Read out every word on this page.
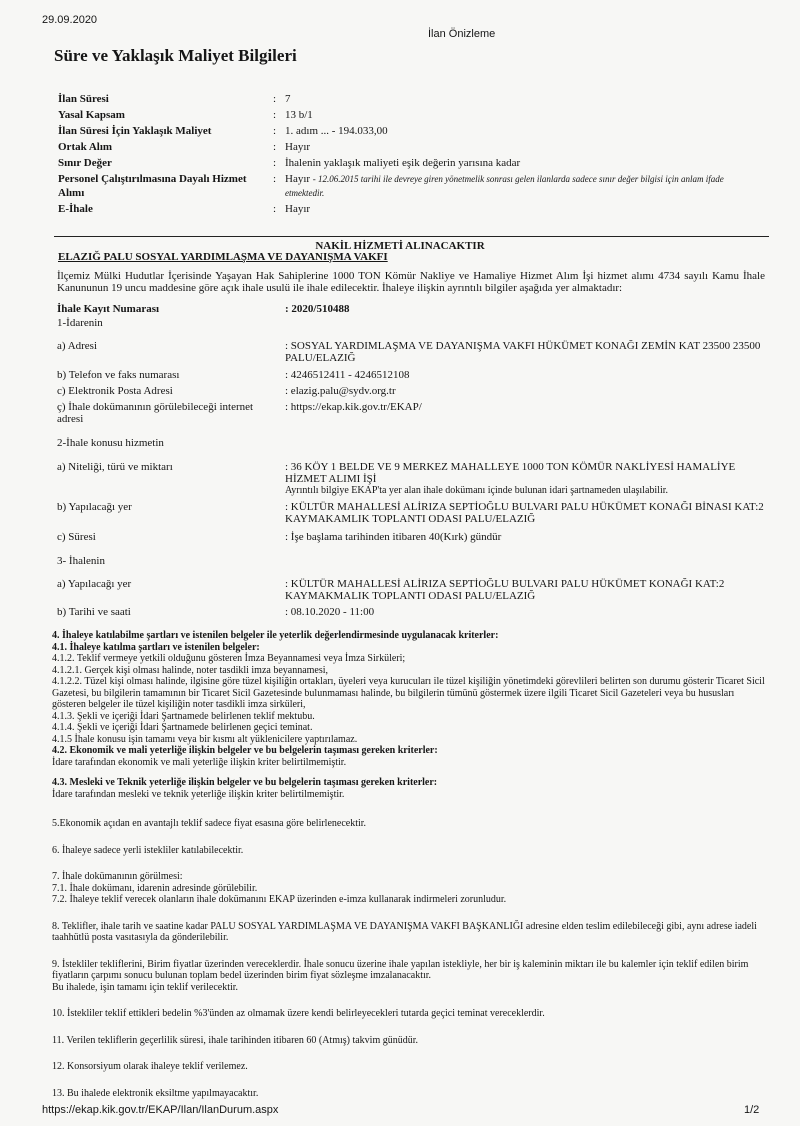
29.09.2020
İlan Önizleme
Süre ve Yaklaşık Maliyet Bilgileri
İlan Süresi	: 7
Yasal Kapsam	: 13 b/1
İlan Süresi İçin Yaklaşık Maliyet	: 1. adım ... - 194.033,00
Ortak Alım	: Hayır
Sınır Değer	: İhalenin yaklaşık maliyeti eşik değerin yarısına kadar
Personel Çalıştırılmasına Dayalı Hizmet Alımı
: Hayır - 12.06.2015 tarihi ile devreye giren yönetmelik sonrası gelen ilanlarda sadece sınır değer bilgisi için anlam ifade etmektedir.
E-İhale	: Hayır
NAKİL HİZMETİ ALINACAKTIR
ELAZIĞ PALU SOSYAL YARDIMLAŞMA VE DAYANIŞMA VAKFI
İlçemiz Mülki Hudutlar İçerisinde Yaşayan Hak Sahiplerine 1000 TON Kömür Nakliye ve Hamaliye Hizmet Alım İşi hizmet alımı 4734 sayılı Kamu İhale Kanununun 19 uncu maddesine göre açık ihale usulü ile ihale edilecektir. İhaleye ilişkin ayrıntılı bilgiler aşağıda yer almaktadır:
İhale Kayıt Numarası	: 2020/510488
1-İdarenin
a) Adresi	: SOSYAL YARDIMLAŞMA VE DAYANIŞMA VAKFI HÜKÜMET KONAĞI ZEMİN KAT 23500 23500 PALU/ELAZIĞ
b) Telefon ve faks numarası	: 4246512411 - 4246512108
c) Elektronik Posta Adresi	: elazig.palu@sydv.org.tr
ç) İhale dokümanının görülebileceği internet adresi
: https://ekap.kik.gov.tr/EKAP/
2-İhale konusu hizmetin
a) Niteliği, türü ve miktarı	: 36 KÖY 1 BELDE VE 9 MERKEZ MAHALLEYE 1000 TON KÖMÜR NAKLİYESİ HAMALİYE HİZMET ALIMI İŞİ
Ayrıntılı bilgiye EKAP'ta yer alan ihale dokümanı içinde bulunan idari şartnameden ulaşılabilir.
b) Yapılacağı yer	: KÜLTÜR MAHALLESİ ALİRIZA SEPTİOĞLU BULVARI PALU HÜKÜMET KONAĞI BİNASI KAT:2 KAYMAKAMLIK TOPLANTI ODASI PALU/ELAZIĞ
c) Süresi	: İşe başlama tarihinden itibaren 40(Kırk) gündür
3- İhalenin
a) Yapılacağı yer	: KÜLTÜR MAHALLESİ ALİRIZA SEPTİOĞLU BULVARI PALU HÜKÜMET KONAĞI KAT:2 KAYMAKMALIK TOPLANTI ODASI PALU/ELAZIĞ
b) Tarihi ve saati	: 08.10.2020 - 11:00

4. İhaleye katılabilme şartları ve istenilen belgeler ile yeterlik değerlendirmesinde uygulanacak kriterler:

4.1. İhaleye katılma şartları ve istenilen belgeler:

4.1.2. Teklif vermeye yetkili olduğunu gösteren İmza Beyannamesi veya İmza Sirküleri;

4.1.2.1. Gerçek kişi olması halinde, noter tasdikli imza beyannamesi,

4.1.2.2. Tüzel kişi olması halinde, ilgisine göre tüzel kişiliğin ortakları, üyeleri veya kurucuları ile tüzel kişiliğin yönetimdeki görevlileri belirten son durumu gösterir Ticaret Sicil Gazetesi, bu bilgilerin tamamının bir Ticaret Sicil Gazetesinde bulunmaması halinde, bu bilgilerin tümünü göstermek üzere ilgili Ticaret Sicil Gazeteleri veya bu hususları gösteren belgeler ile tüzel kişiliğin noter tasdikli imza sirküleri,

4.1.3. Şekli ve içeriği İdari Şartnamede belirlenen teklif mektubu.

4.1.4. Şekli ve içeriği İdari Şartnamede belirlenen geçici teminat.

4.1.5 İhale konusu işin tamamı veya bir kısmı alt yüklenicilere yaptırılamaz.

4.2. Ekonomik ve mali yeterliğe ilişkin belgeler ve bu belgelerin taşıması gereken kriterler:

İdare tarafından ekonomik ve mali yeterliğe ilişkin kriter belirtilmemiştir.

4.3. Mesleki ve Teknik yeterliğe ilişkin belgeler ve bu belgelerin taşıması gereken kriterler:

İdare tarafından mesleki ve teknik yeterliğe ilişkin kriter belirtilmemiştir.

5.Ekonomik açıdan en avantajlı teklif sadece fiyat esasına göre belirlenecektir.

6. İhaleye sadece yerli istekliler katılabilecektir.

7. İhale dokümanının görülmesi:

7.1. İhale dokümanı, idarenin adresinde görülebilir.

7.2. İhaleye teklif verecek olanların ihale dokümanını EKAP üzerinden e-imza kullanarak indirmeleri zorunludur.

8. Teklifler, ihale tarih ve saatine kadar PALU SOSYAL YARDIMLAŞMA VE DAYANIŞMA VAKFI BAŞKANLIĞI adresine elden teslim edilebileceği gibi, aynı adrese iadeli taahhütlü posta vasıtasıyla da gönderilebilir.

9. İstekliler tekliflerini, Birim fiyatlar üzerinden vereceklerdir. İhale sonucu üzerine ihale yapılan istekliyle, her bir iş kaleminin miktarı ile bu kalemler için teklif edilen birim fiyatların çarpımı sonucu bulunan toplam bedel üzerinden birim fiyat sözleşme imzalanacaktır.

Bu ihalede, işin tamamı için teklif verilecektir.

10. İstekliler teklif ettikleri bedelin %3'ünden az olmamak üzere kendi belirleyecekleri tutarda geçici teminat vereceklerdir.

11. Verilen tekliflerin geçerlilik süresi, ihale tarihinden itibaren 60 (Atmış) takvim günüdür.

12. Konsorsiyum olarak ihaleye teklif verilemez.

13. Bu ihalede elektronik eksiltme yapılmayacaktır.

https://ekap.kik.gov.tr/EKAP/Ilan/IlanDurum.aspx	1/2
